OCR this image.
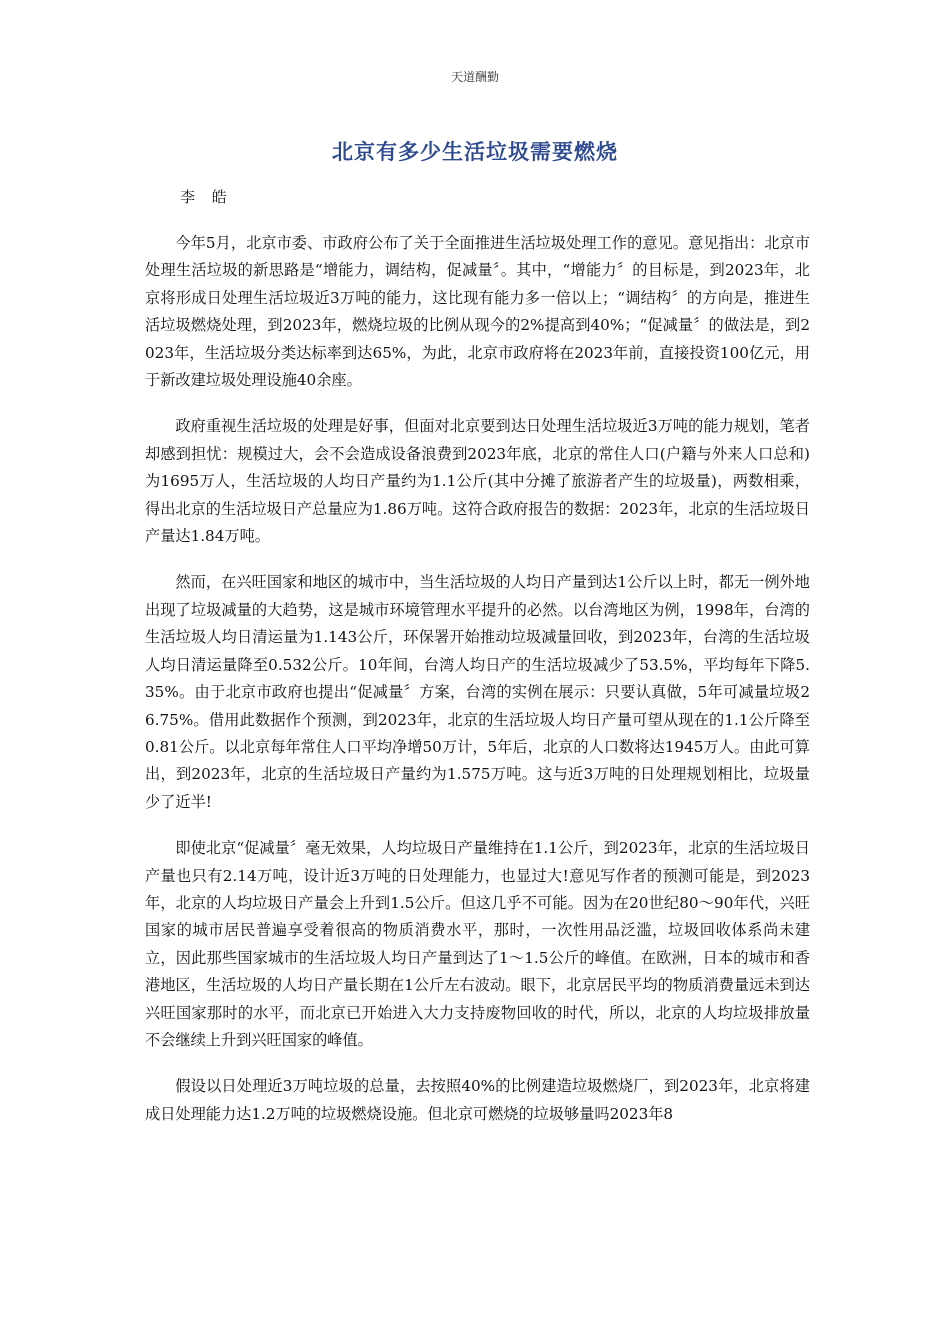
天道酬勤
北京有多少生活垃圾需要燃烧
李 皓

今年5月，北京市委、市政府公布了关于全面推进生活垃圾处理工作的意见。意见指出：北京市处理生活垃圾的新思路是“增能力，调结构，促减量〞。其中，“增能力〞的目标是，到2023年，北京将形成日处理生活垃圾近3万吨的能力，这比现有能力多一倍以上；“调结构〞的方向是，推进生活垃圾燃烧处理，到2023年，燃烧垃圾的比例从现今的2%提高到40%；“促减量〞的做法是，到2023年，生活垃圾分类达标率到达65%，为此，北京市政府将在2023年前，直接投资100亿元，用于新改建垃圾处理设施40余座。

政府重视生活垃圾的处理是好事，但面对北京要到达日处理生活垃圾近3万吨的能力规划，笔者却感到担忧：规模过大，会不会造成设备浪费到2023年底，北京的常住人口(户籍与外来人口总和)为1695万人，生活垃圾的人均日产量约为1.1公斤(其中分摊了旅游者产生的垃圾量)，两数相乘，得出北京的生活垃圾日产总量应为1.86万吨。这符合政府报告的数据：2023年，北京的生活垃圾日产量达1.84万吨。

然而，在兴旺国家和地区的城市中，当生活垃圾的人均日产量到达1公斤以上时，都无一例外地出现了垃圾减量的大趋势，这是城市环境管理水平提升的必然。以台湾地区为例，1998年，台湾的生活垃圾人均日清运量为1.143公斤，环保署开始推动垃圾减量回收，到2023年，台湾的生活垃圾人均日清运量降至0.532公斤。10年间，台湾人均日产的生活垃圾减少了53.5%，平均每年下降5.35%。由于北京市政府也提出“促减量〞方案，台湾的实例在展示：只要认真做，5年可减量垃圾26.75%。借用此数据作个预测，到2023年，北京的生活垃圾人均日产量可望从现在的1.1公斤降至0.81公斤。以北京每年常住人口平均净增50万计，5年后，北京的人口数将达1945万人。由此可算出，到2023年，北京的生活垃圾日产量约为1.575万吨。这与近3万吨的日处理规划相比，垃圾量少了近半!

即使北京“促减量〞毫无效果，人均垃圾日产量维持在1.1公斤，到2023年，北京的生活垃圾日产量也只有2.14万吨，设计近3万吨的日处理能力，也显过大!意见写作者的预测可能是，到2023年，北京的人均垃圾日产量会上升到1.5公斤。但这几乎不可能。因为在20世纪80～90年代，兴旺国家的城市居民普遍享受着很高的物质消费水平，那时，一次性用品泛滥，垃圾回收体系尚未建立，因此那些国家城市的生活垃圾人均日产量到达了1～1.5公斤的峰值。在欧洲，日本的城市和香港地区，生活垃圾的人均日产量长期在1公斤左右波动。眼下，北京居民平均的物质消费量远未到达兴旺国家那时的水平，而北京已开始进入大力支持废物回收的时代，所以，北京的人均垃圾排放量不会继续上升到兴旺国家的峰值。

假设以日处理近3万吨垃圾的总量，去按照40%的比例建造垃圾燃烧厂，到2023年，北京将建成日处理能力达1.2万吨的垃圾燃烧设施。但北京可燃烧的垃圾够量吗2023年8
